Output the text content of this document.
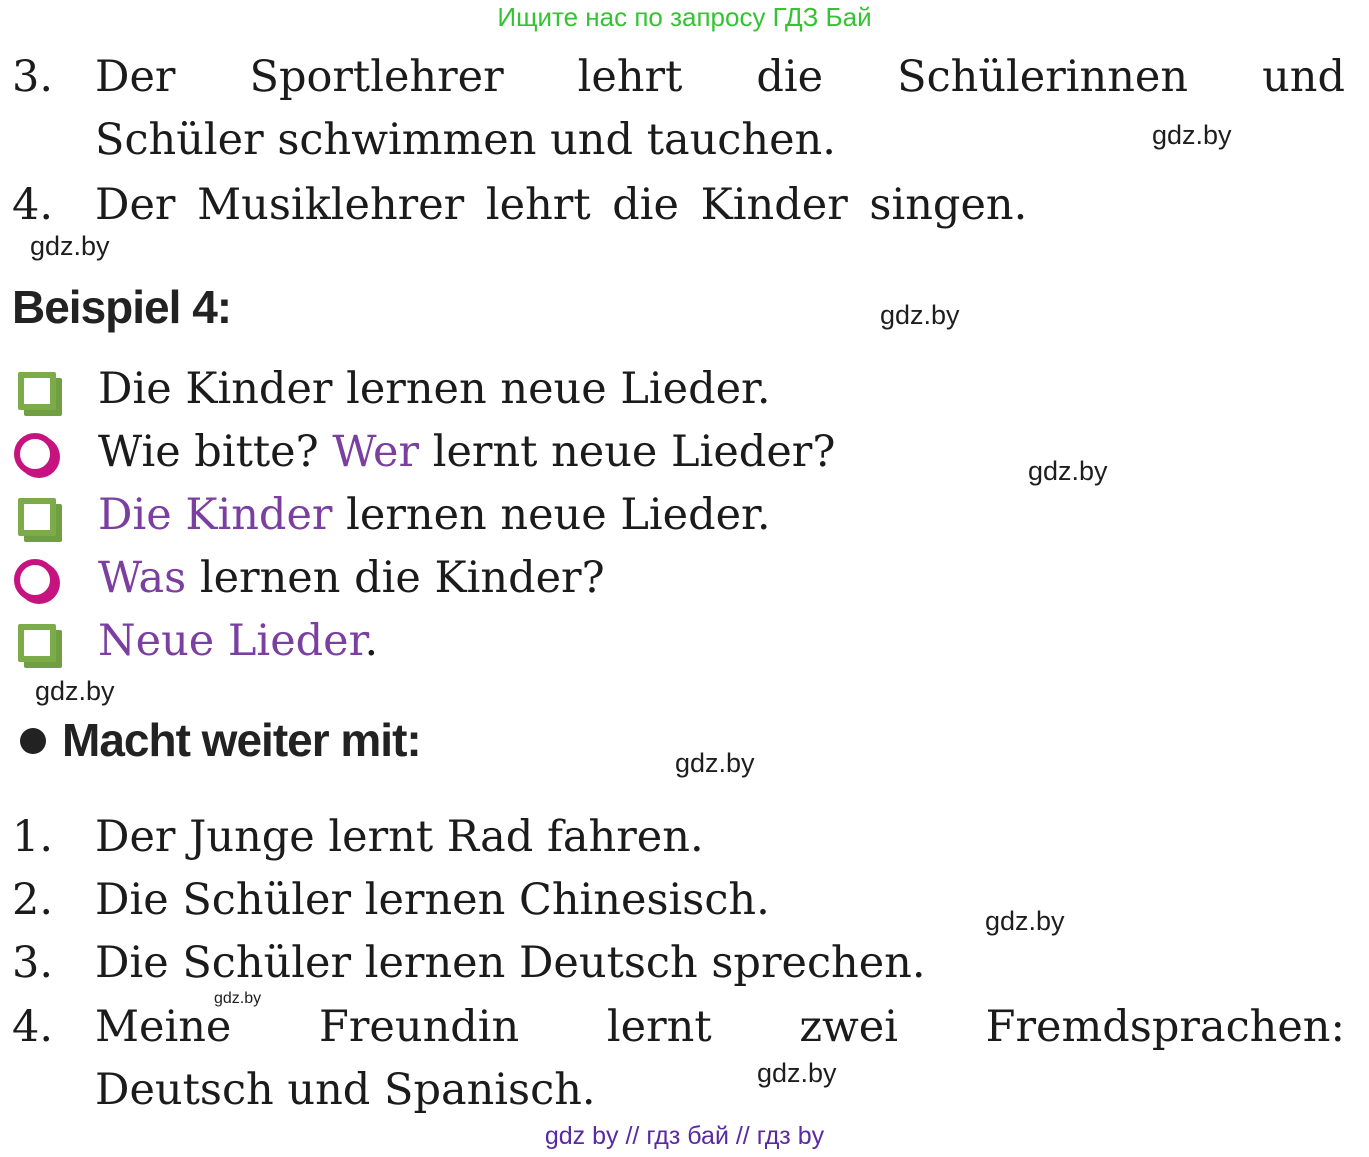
Ищите нас по запросу ГДЗ Бай
3. Der Sportlehrer lehrt die Schülerinnen und
Schüler schwimmen und tauchen.	gdz.by
4. Der Musiklehrer lehrt die Kinder singen.
gdz.by
Beispiel 4:	gdz.by
Die Kinder lernen neue Lieder.
Wie bitte? Wer lernt neue Lieder?	gdz.by
Die Kinder lernen neue Lieder.
Was lernen die Kinder?
Neue Lieder.
gdz.by
Macht weiter mit:	gdz.by
1. Der Junge lernt Rad fahren.
2. Die Schüler lernen Chinesisch.	gdz.by
3. Die Schüler lernen Deutsch sprechen.
gdz.by
4. Meine Freundin lernt zwei Fremdsprachen:
gdz.by
Deutsch und Spanisch.
gdz by // гдз бай // гдз by
